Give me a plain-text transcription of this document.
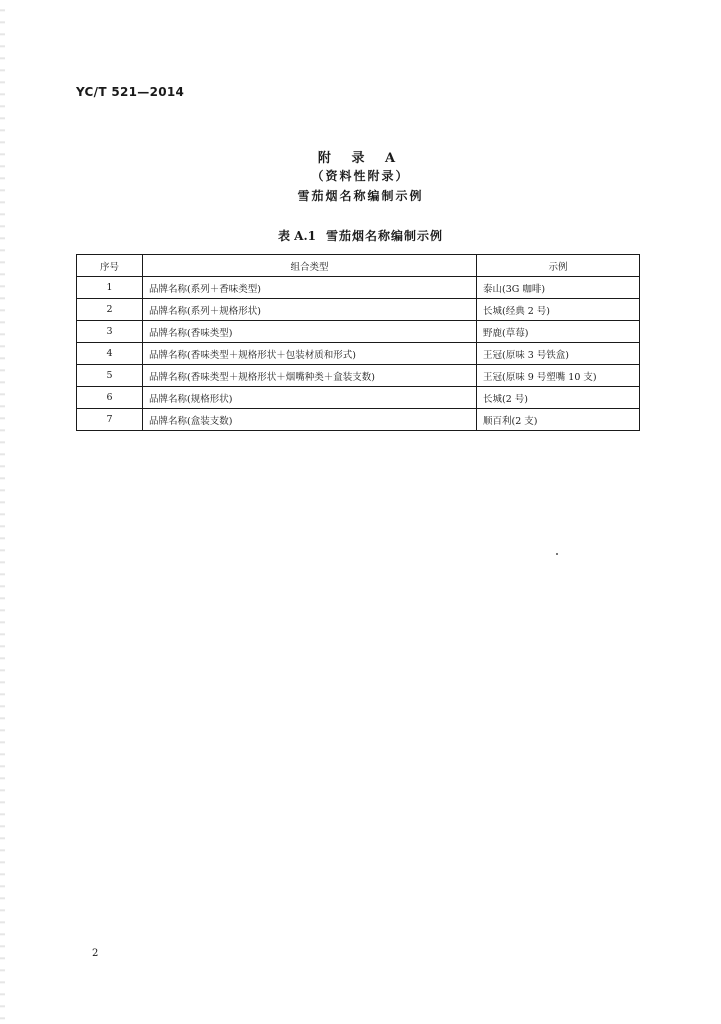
YC/T 521—2014
附 录 A
（资料性附录）
雪茄烟名称编制示例
表 A.1 雪茄烟名称编制示例
序号	组合类型	示例
1	品牌名称(系列＋香味类型)	泰山(3G 咖啡)
2	品牌名称(系列＋规格形状)	长城(经典 2 号)
3	品牌名称(香味类型)	野鹿(草莓)
4	品牌名称(香味类型＋规格形状＋包装材质和形式)	王冠(原味 3 号铁盒)
5	品牌名称(香味类型＋规格形状＋烟嘴种类＋盒装支数)	王冠(原味 9 号塑嘴 10 支)
6	品牌名称(规格形状)	长城(2 号)
7	品牌名称(盒装支数)	顺百利(2 支)
2
